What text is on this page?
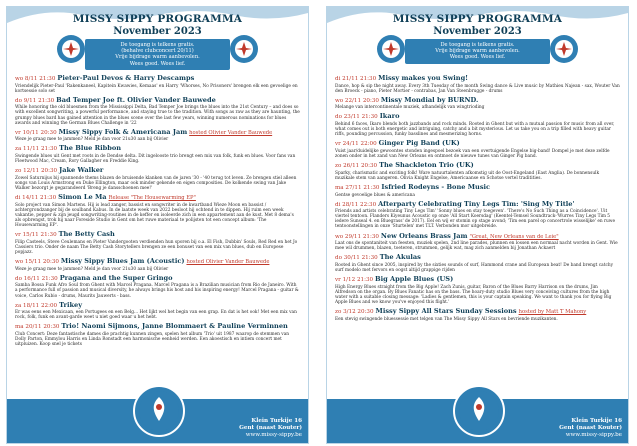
MISSY SIPPY PROGRAMMA
November 2023
De toegang is telkens gratis.
(behalve clubconcert 20/11)
Vrije bijdrage warm aanbevolen.
Wees goed. Wees lief.
wo 8/11 21:30 Pieter-Paul Devos & Harry Descamps
Vriendelijk Pieter-Paul 'Rakenkaneel, Kapitein Kwawies, Kemaas' en Harry 'Whorses, No Prisoners' brengen elk een gevoelige en kortsessie solo set
do 9/11 21:30 Bad Temper Joe ft. Olivier Vander Bauwede
While honoring the old bluesmen from the Mississippi Delta, Bad Temper Joe brings the blues into the 21st Century – and does so with excellent songwriting, a powerful performance, and staying true to the tradition. With songs as raw as they are haunting, the grumpy blues bard has gained attention in the blues scene over the last few years, winning numerous nominations for blues awards and winning the German Blues Challenge in '22
vr 10/11 20:30 Missy Sippy Folk & Americana Jam hosted Olivier Vander Bauwede
Weze je graag mee te jammen? Meld je dan voor 21u30 aan bij Olivier
za 11/11 21:30 The Blue Ribbon
Swingende blues uit Gent met roots in de Dendse delta. Dit ingelooste trio brengt een mix van folk, funk en blues. Voor fans van Fleetwood Mac, Cream, Rory Gallagher en Freddie King.
zo 12/11 20:30 Jake Walker
Zowel Saturnijus bij spannende thems blazen de bruisende klanken van de jaren '30 - '40 terug tot leven. Ze brengen stiel alleen songs van Louis Armstrong en Duke Ellington, maar ook minder gekende en eigen composities. De kolkende swing van Jake Walker bezorgt je gegarandeerd 'Breng je dansschoenen mee!'
di 14/11 21:30 Simon Le Ma Release "The Housewarming EP"
Solo project van Simon Martens. Hij is lead zanger, bassist en songwriter in de kwartband Wieze Moon en bassist / achtergrondzanger bij de soulband Kabus. In de laatste week van 2022 besloot hij ochtend in te dippen. Hij ruim een week vakantie, pepper & zijn jeugd songwriting-routines in de keffer en isoleerde zich in een appartement aan de kust. Met 8 dema's als opbrengst, trok hij naar Foreside Studio in Gent om het ruwe materiaal te polijsten tot een concept album: 'The Housewarming EP'.
vr 15/11 21:30 The Betty Cash
Filip Casteels, Steve Ceulemans en Pieter Vandergooten verdienden hun sporen bij o.a. El Fish, Dubbin' Souls, Red Red en het Jo Cassiers trio. Onder de naam The Betty Cash Storytellers brengen ze een bonuset van een mix van blues, dub en Europese popjazz.
wo 15/11 20:30 Missy Sippy Blues Jam (Acoustic) hosted Olivier Vander Bauwede
Weze je graag mee te jammen? Meld je dan voor 21u30 aan bij Olivier
do 16/11 21:30 Pragana and the Super Gringo
Samba Bossa Funk Afro Soul from Ghent with Marcel Pragana. Marcel Pragana is a Brazilian musician from Rio de Janeiro. With a performance full of passion and musical diversity, he always brings his host and his inspiring energy! Marcel Pragana - guitar & voice, Carlos Rubio - drums, Maurits Jauwerts - bass.
za 18/11 22:00 Trikey
Er was eens een Mexicaan, een Portugees en een Belg... Het lijkt wel het begin van een grap. En dat is het ook! Met een mix van rock, folk, funk en avant-garde weet u niet goed waar u het hebt.
ma 20/11 20:30 Trio! Naomi Sijmons, Janne Blommaert & Pauline Verminnen
Club Concert: Deze fantastische dames die prachtig kunnen zingen, spelen het album 'Trio' uit 1987 waarop de stemmen van Dolly Parton, Emmylou Harris en Linda Ronstadt een harmonische eenheid werden. Een akoestisch en intiem concert met uitpluizen. Koop snel je tickets
Klein Turkije 16
Gent (naast Kouter)
www.missy-sippy.be
MISSY SIPPY PROGRAMMA
November 2023
De toegang is telkens gratis.
Vrije bijdrage warm aanbevolen.
Wees goed. Wees lief.
di 21/11 21:30 Missy makes you Swing!
Dance, hop & sip the night away. Every 3th Tuesday of the month Swing dance & Live music by Mathieu Najean - sax, Wouter Van den Broeck - piano, Pieter Mortier - contrabas, Jan Van Steenbrugge - drums
wo 22/11 20:30 Missy Mondial by BURND.
Melange van intercontinentale muziek, afhandelijk van wingtrioding
do 23/11 21:30 Ikaro
Behind 6 faces, Ikaro blends both jazzbands and rock minds. Rooted in Ghent but with a mutual passion for music from all over, what comes out is both energetic and intriguing, catchy and a bit mysterious. Let us take you on a trip filled with heavy guitar riffs, pounding percussion, funky basslines and mesmerizing horns.
vr 24/11 22:00 Ginger Pig Band (UK)
Vuist jaar/duidelijke gewoontes stonden ingespoel bezoek van een overtuigende Engelse big-band! Dompel je met deze zelfde zonen onder in het zand van New Orleans en ontmoet de nieuwe tunes van Ginger Pig band.
zo 26/11 20:30 The Shackleton Trio (UK)
Sparky, charismatic and exciting folk! Ware natuurtalenten afkomstig uit de Oost-Engeland (East Anglia). De bonnensulk muzikale stem van aangeren. Olivia Knight Engelse, Americaanse en Schotse vertel traditities.
ma 27/11 21:30 Isfried Rodeyns - Bone Music
Gentse gevoelige blues & americana
di 28/11 22:30 Afterparty Celebrating Tiny Legs Tim: 'Sing My Title'
Friends and artists celebrating Tiny Legs Tim' 'Sonny blues en stay toegeven'. 'There's No Such Thing as a Coincidence'. Uit viertel tentoon. Flanders Kiyeunus Acoustic op onze 'All Start Koersdag' (Keentel-Temsel Soundtrack-'Wurres Tiny Legs Tim 5 iedere Sunseal 4. en Bluegrass' de 2017). Eel en wij er stomin op stage avond; 'Tim een parel op concertrole wisselijke' en ruwe tentoonstellingen in onze 'Sturtelen' met TLT. Verbonden mor uitgebreide.
wo 29/11 21:30 New Orleans Brass Jam "Great, New Orleans van de Leie"
Laat ons de spontaniteit van feesten, muziek spelen, 2nd line parades, plunnen en lossen een normaal nacht worden in Gent. Wie mee wil drummen, blazen, toeteren, strummen, gelijk wat, mag zich aanmelden bij Jonathan Ackaert
do 30/11 21:30 The Akulas
Rooted in Ghent since 2005, inspired by the sixties sounds of surf, Hammond crane and European beat! De band brengt catchy surf modelo met fervors en oogst altijd grappige rijden
vr 1/12 21:30 Big Apple Blues (US)
High Energy Blues straight from the Big Apple! Zach Zunis, guitar, Baron of the Blues Barry Harrison on the drums, Jim Alfredson on the organ. By Blues Fanatic has on the bass. The hoary-duty studio Blues very conceiving cultures from the high water with a suitable closing message: 'Ladies & gentlemen, this is your captain speaking. We want to thank you for flying Big Apple Blues and we know you've enjoyed this flight.'
zo 3/12 20:30 Missy Sippy All Stars Sunday Sessions hosted by Matt T Mahony
Een stevig swingende bluessessie met telgen van The Missy Sippy All Stars en bevriende muzikanten.
Klein Turkije 16
Gent (naast Kouter)
www.missy-sippy.be
